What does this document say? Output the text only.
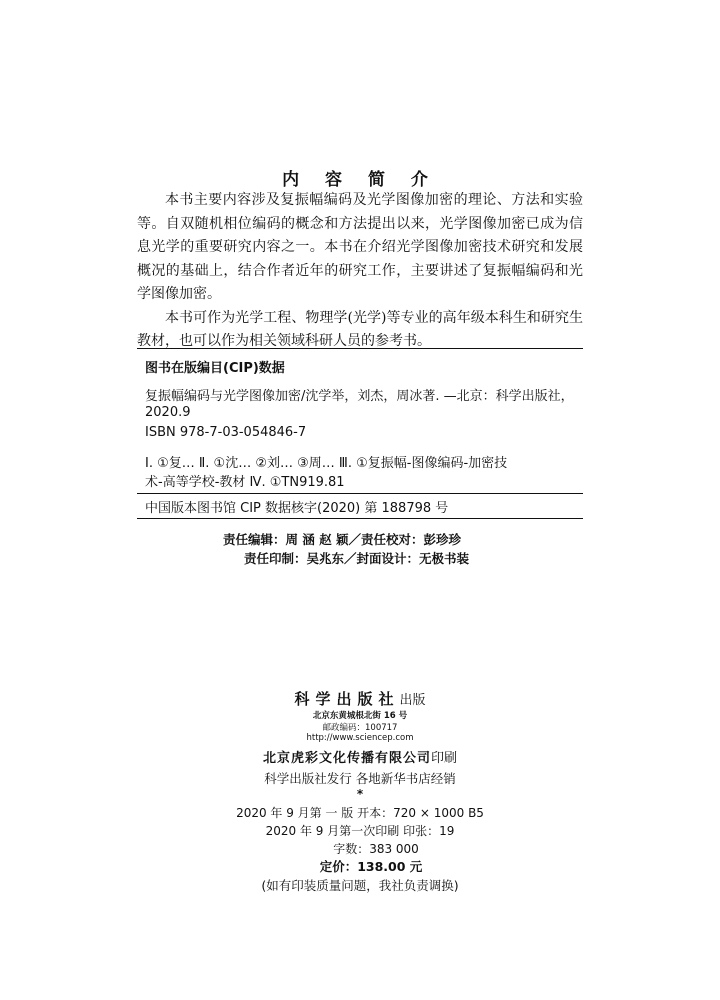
内 容 简 介

本书主要内容涉及复振幅编码及光学图像加密的理论、方法和实验等。自双随机相位编码的概念和方法提出以来，光学图像加密已成为信息光学的重要研究内容之一。本书在介绍光学图像加密技术研究和发展概况的基础上，结合作者近年的研究工作，主要讲述了复振幅编码和光学图像加密。

本书可作为光学工程、物理学(光学)等专业的高年级本科生和研究生教材，也可以作为相关领域科研人员的参考书。

图书在版编目(CIP)数据
复振幅编码与光学图像加密/沈学举，刘杰，周冰著. —北京：科学出版社，
2020.9
ISBN 978-7-03-054846-7
Ⅰ. ①复… Ⅱ. ①沈… ②刘… ③周… Ⅲ. ①复振幅-图像编码-加密技
术-高等学校-教材 Ⅳ. ①TN919.81
中国版本图书馆 CIP 数据核字(2020) 第 188798 号
责任编辑：周 涵 赵 颖／责任校对：彭珍珍
责任印制：吴兆东／封面设计：无极书装
科学出版社出版
北京东黄城根北街 16 号
邮政编码：100717
http://www.sciencep.com
北京虎彩文化传播有限公司印刷
科学出版社发行 各地新华书店经销
*
2020 年 9 月第 一 版 开本：720 × 1000 B5
2020 年 9 月第一次印刷 印张：19
字数：383 000
定价：138.00 元
(如有印装质量问题，我社负责调换)
